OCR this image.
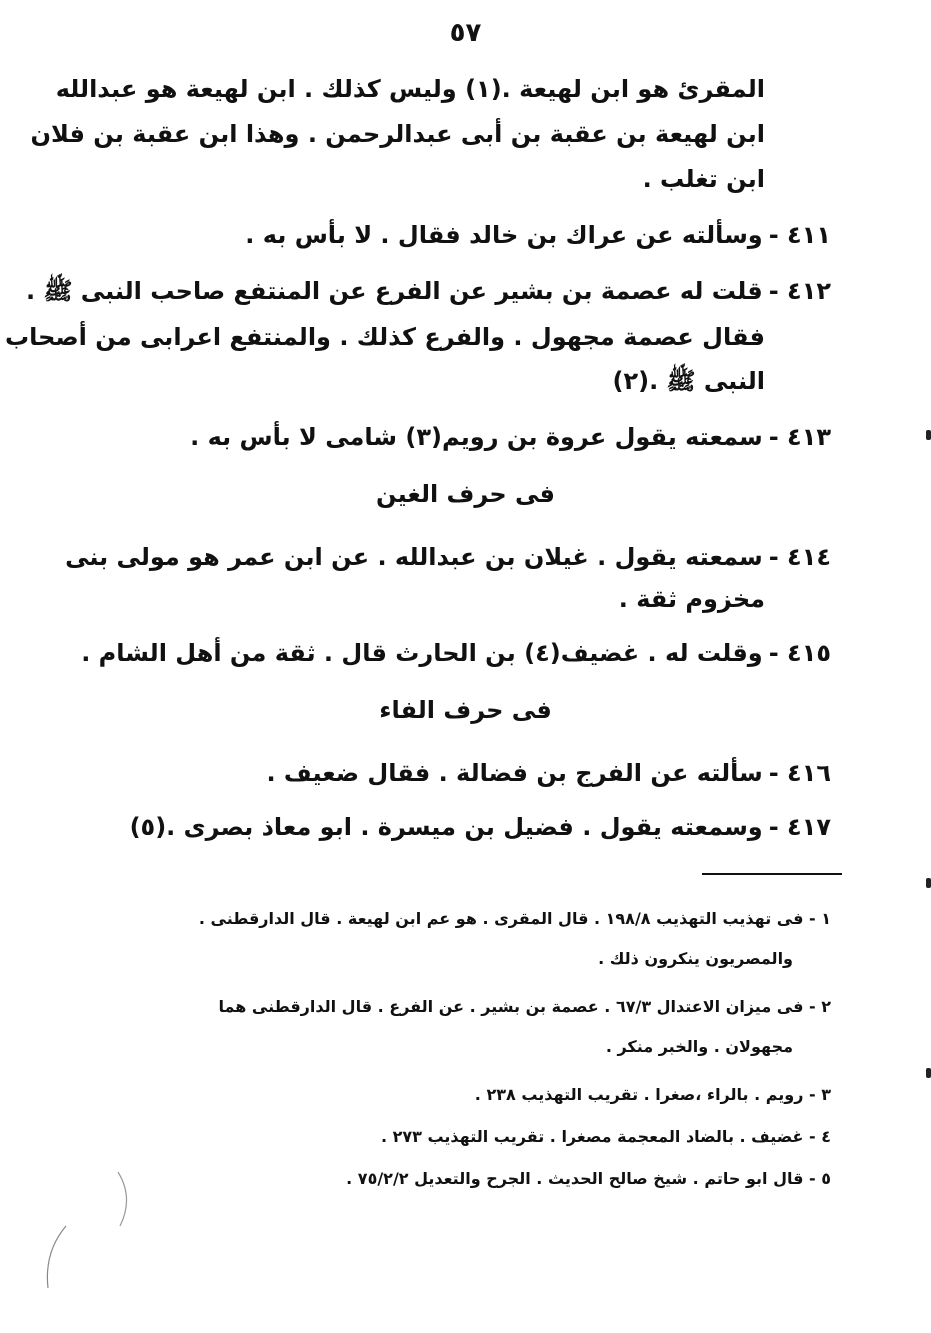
٥٧
المقرئ هو ابن لهيعة .(١) وليس كذلك . ابن لهيعة هو عبدالله
ابن لهيعة بن عقبة بن أبى عبدالرحمن . وهذا ابن عقبة بن فلان
ابن تغلب .
٤١١ -وسألته عن عراك بن خالد فقال . لا بأس به .
٤١٢ -قلت له عصمة بن بشير عن الفرع عن المنتفع صاحب النبى ﷺ .
فقال عصمة مجهول . والفرع كذلك . والمنتفع اعرابى من أصحاب
النبى ﷺ .(٢)
٤١٣ -سمعته يقول عروة بن رويم(٣) شامى لا بأس به .
فى حرف الغين
٤١٤ -سمعته يقول . غيلان بن عبدالله . عن ابن عمر هو مولى بنى
مخزوم ثقة .
٤١٥ -وقلت له . غضيف(٤) بن الحارث قال . ثقة من أهل الشام .
فى حرف الفاء
٤١٦ -سألته عن الفرج بن فضالة . فقال ضعيف .
٤١٧ -وسمعته يقول . فضيل بن ميسرة . ابو معاذ بصرى .(٥)
١ - فى تهذيب التهذيب ١٩٨/٨ . قال المقرى . هو عم ابن لهيعة . قال الدارقطنى .
والمصريون ينكرون ذلك .
٢ - فى ميزان الاعتدال ٦٧/٣ . عصمة بن بشير . عن الفرع . قال الدارقطنى هما
مجهولان . والخبر منكر .
٣ - رويم . بالراء ،صغرا . تقريب التهذيب ٢٣٨ .
٤ - غضيف . بالضاد المعجمة مصغرا . تقريب التهذيب ٢٧٣ .
٥ - قال ابو حاتم . شيخ صالح الحديث . الجرح والتعديل ٧٥/٢/٢ .
